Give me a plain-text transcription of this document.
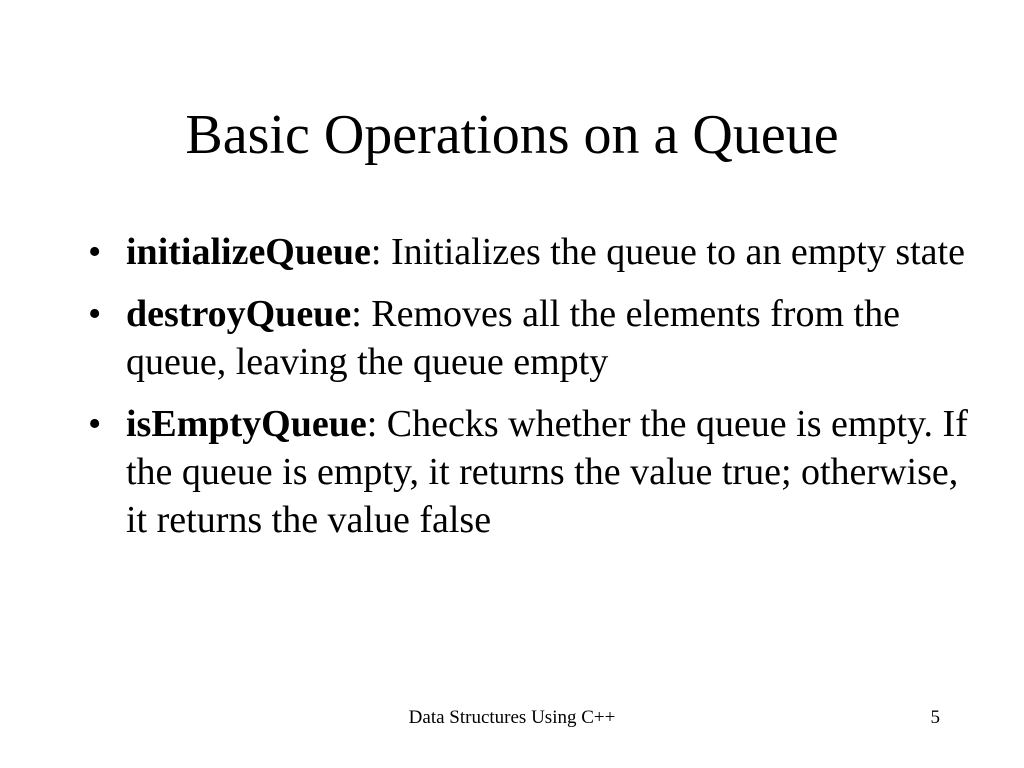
Basic Operations on a Queue
• initializeQueue: Initializes the queue to an empty state
• destroyQueue: Removes all the elements from the queue, leaving the queue empty
• isEmptyQueue: Checks whether the queue is empty. If the queue is empty, it returns the value true; otherwise, it returns the value false
Data Structures Using C++	5
